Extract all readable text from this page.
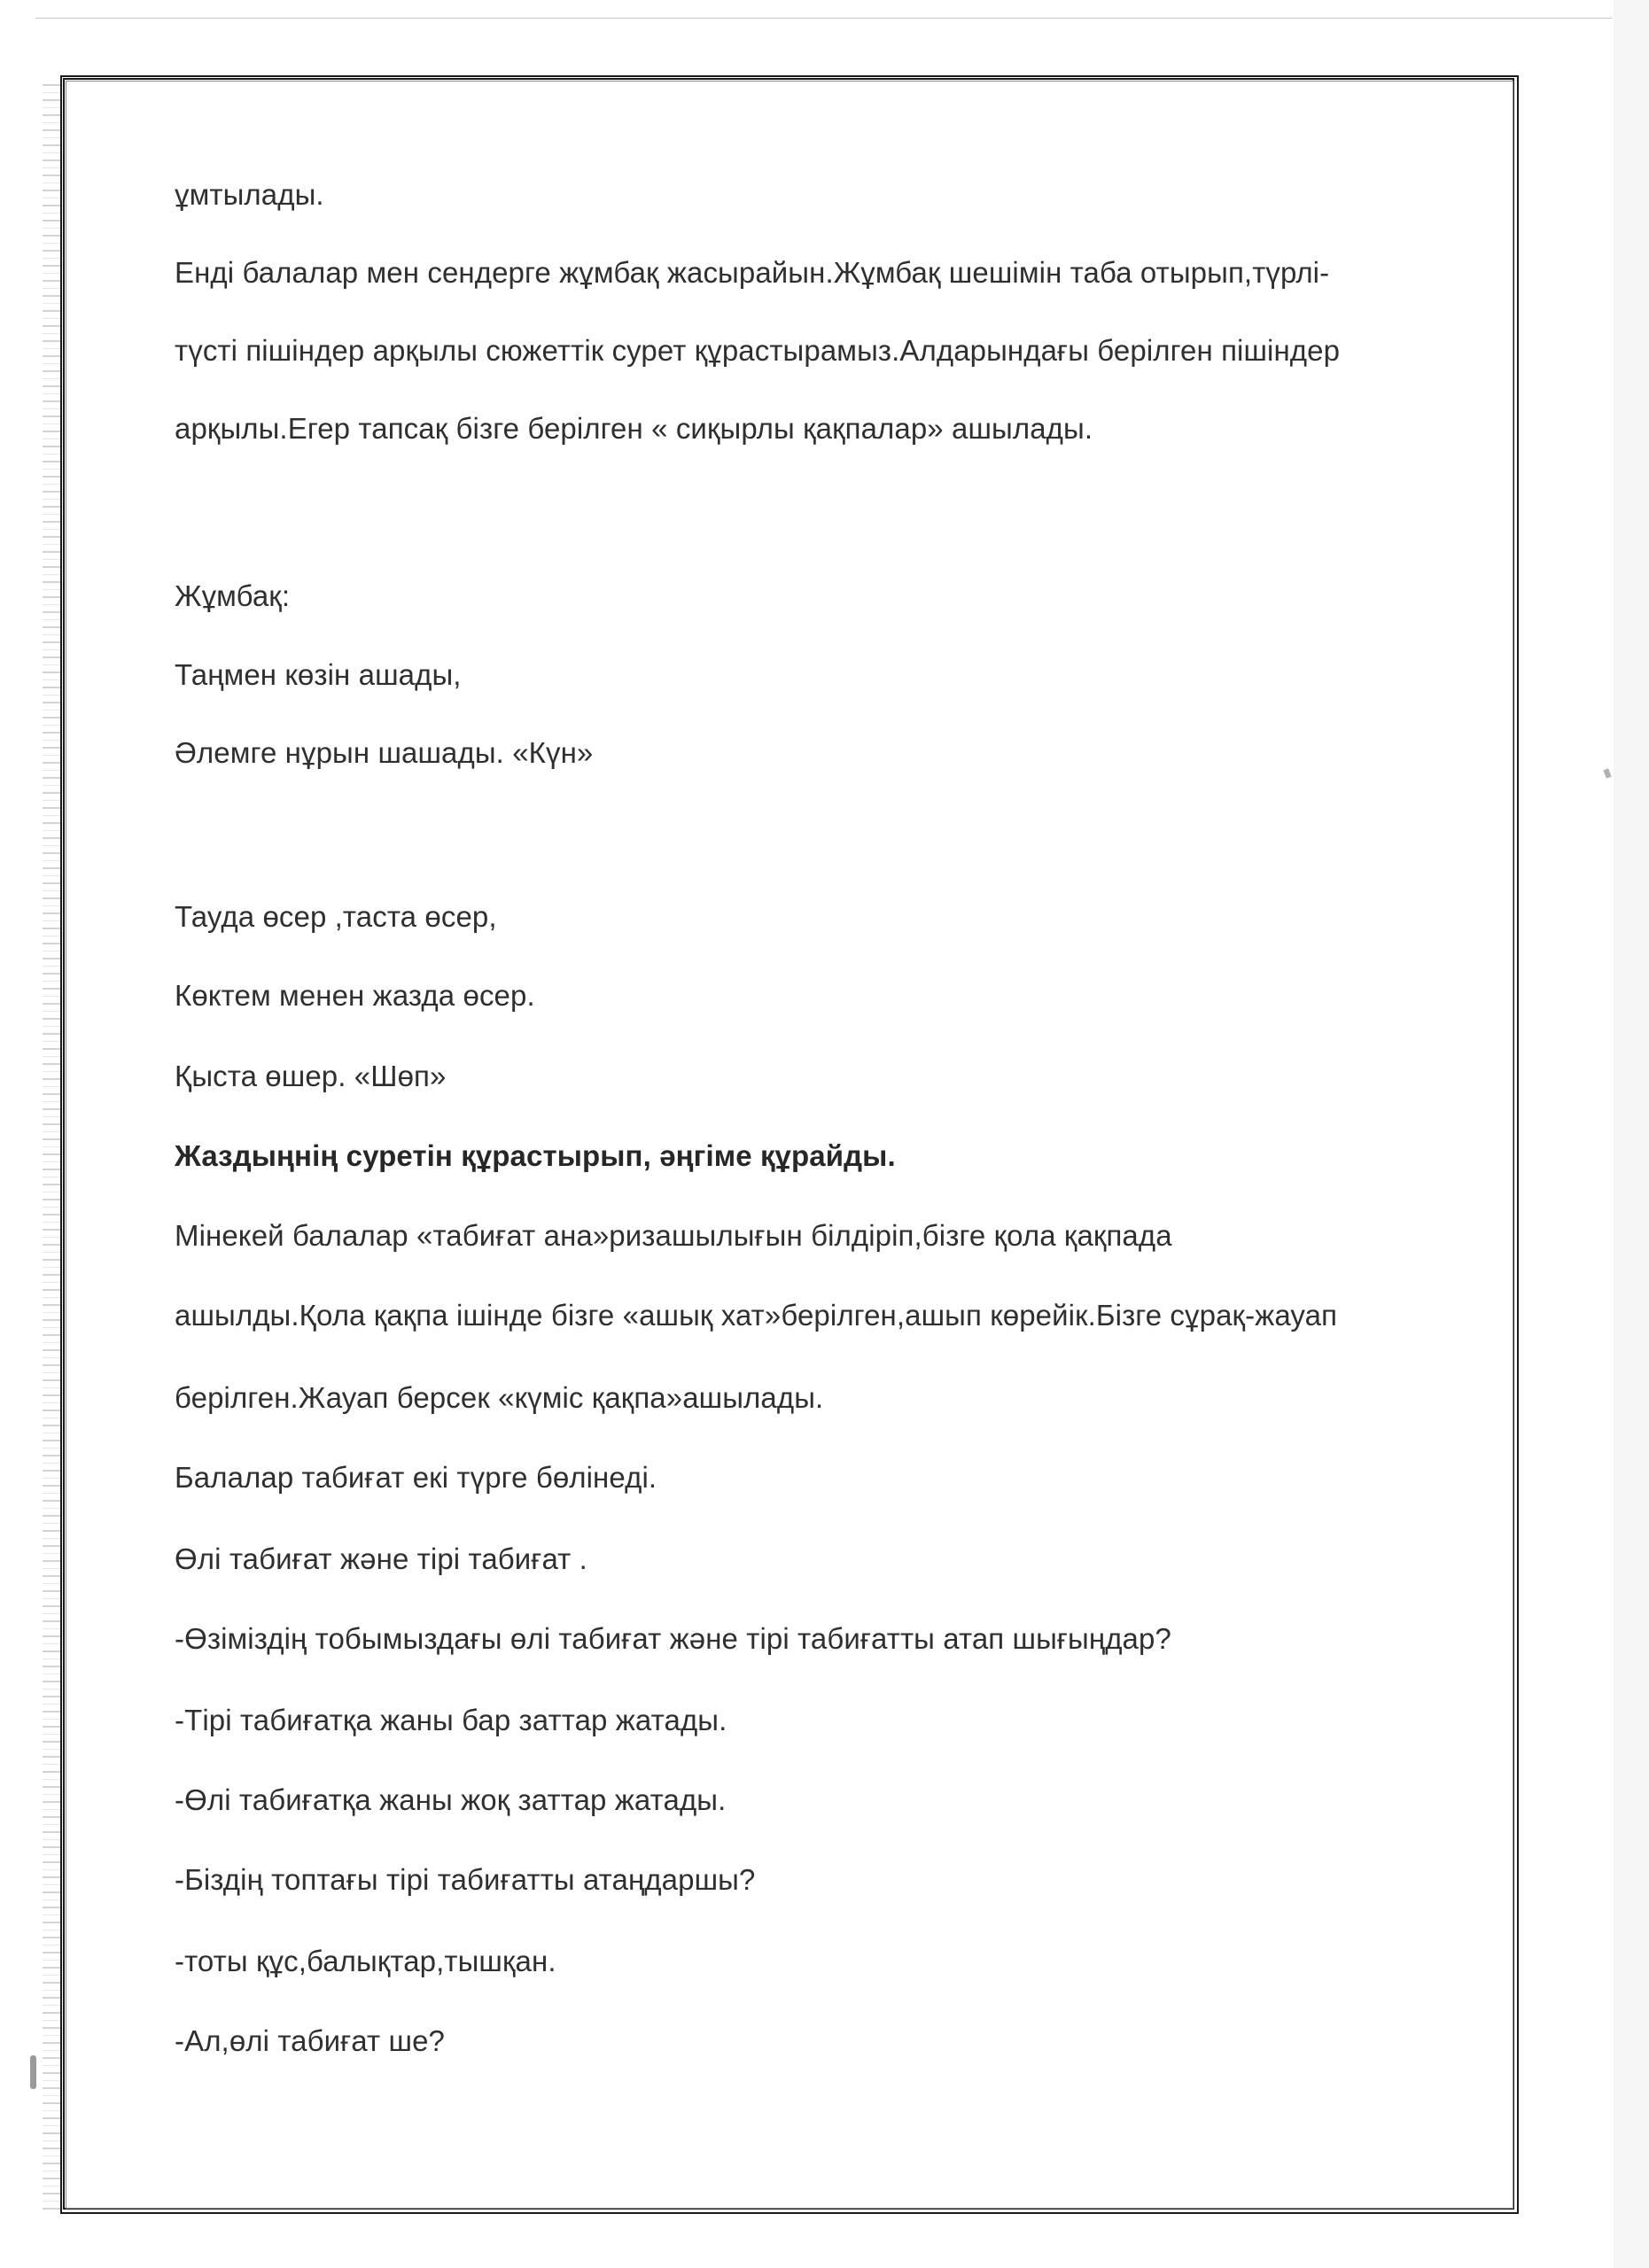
ұмтылады.
Енді балалар мен сендерге жұмбақ жасырайын.Жұмбақ шешімін таба отырып,түрлі-
түсті пішіндер арқылы сюжеттік сурет құрастырамыз.Алдарындағы берілген пішіндер
арқылы.Егер тапсақ бізге берілген « сиқырлы қақпалар» ашылады.
Жұмбақ:
Таңмен көзін ашады,
Әлемге нұрын шашады. «Күн»
Тауда өсер ,таста өсер,
Көктем менен жазда өсер.
Қыста өшер. «Шөп»
Жаздыңнің суретін құрастырып, әңгіме құрайды.
Мінекей балалар «табиғат ана»ризашылығын білдіріп,бізге қола қақпада
ашылды.Қола қақпа ішінде бізге «ашық хат»берілген,ашып көрейік.Бізге сұрақ-жауап
берілген.Жауап берсек «күміс қақпа»ашылады.
Балалар табиғат екі түрге бөлінеді.
Өлі табиғат және тірі табиғат .
-Өзіміздің тобымыздағы өлі табиғат және тірі табиғатты атап шығыңдар?
-Тірі табиғатқа жаны бар заттар жатады.
-Өлі табиғатқа жаны жоқ заттар жатады.
-Біздің топтағы тірі табиғатты атаңдаршы?
-тоты құс,балықтар,тышқан.
-Ал,өлі табиғат ше?
